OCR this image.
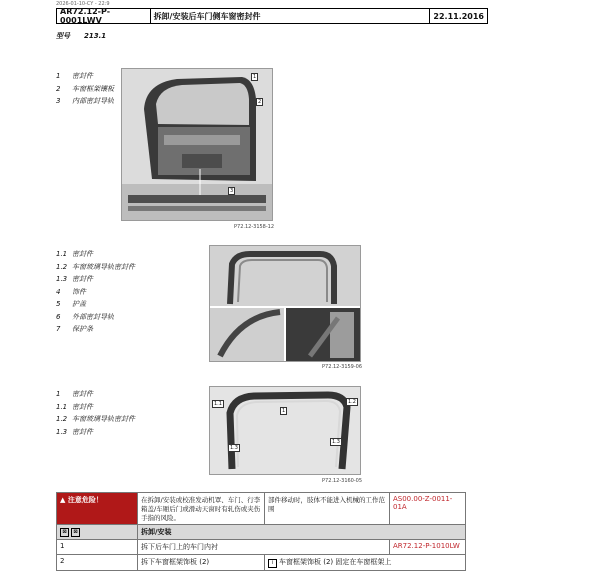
2026-01-10-CY - 22:9
AR72.12-P-0001LWV	拆卸/安装后车门侧车窗密封件	22.11.2016
型号 213.1
1 密封件
2 车窗框架镶板
3 内部密封导轨
1
2
3
P72.12-3158-12
1.1 密封件
1.2 车窗玻璃导轨密封件
1.3 密封件
4 饰件
5 护盖
6 外部密封导轨
7 保护条
P72.12-3159-06
1 密封件
1.1 密封件
1.2 车窗玻璃导轨密封件
1.3 密封件
1.1
1
1.2
1.3
1.3
P72.12-3160-05
▲ 注意危险！	在拆卸/安装或校准发动机罩、车门、行李箱盖/车厢后门或滑动天窗时有轧伤或夹伤手指的风险。	部件移动时，肢体不能进入机械的工作范围	AS00.00-Z-0011-01A
⊠ ⊠	拆卸/安装		
1	拆下后车门上的车门内衬		AR72.12-P-1010LW
2	拆下车窗框架饰板 (2)	i 车窗框架饰板 (2) 固定在车窗框架上	
